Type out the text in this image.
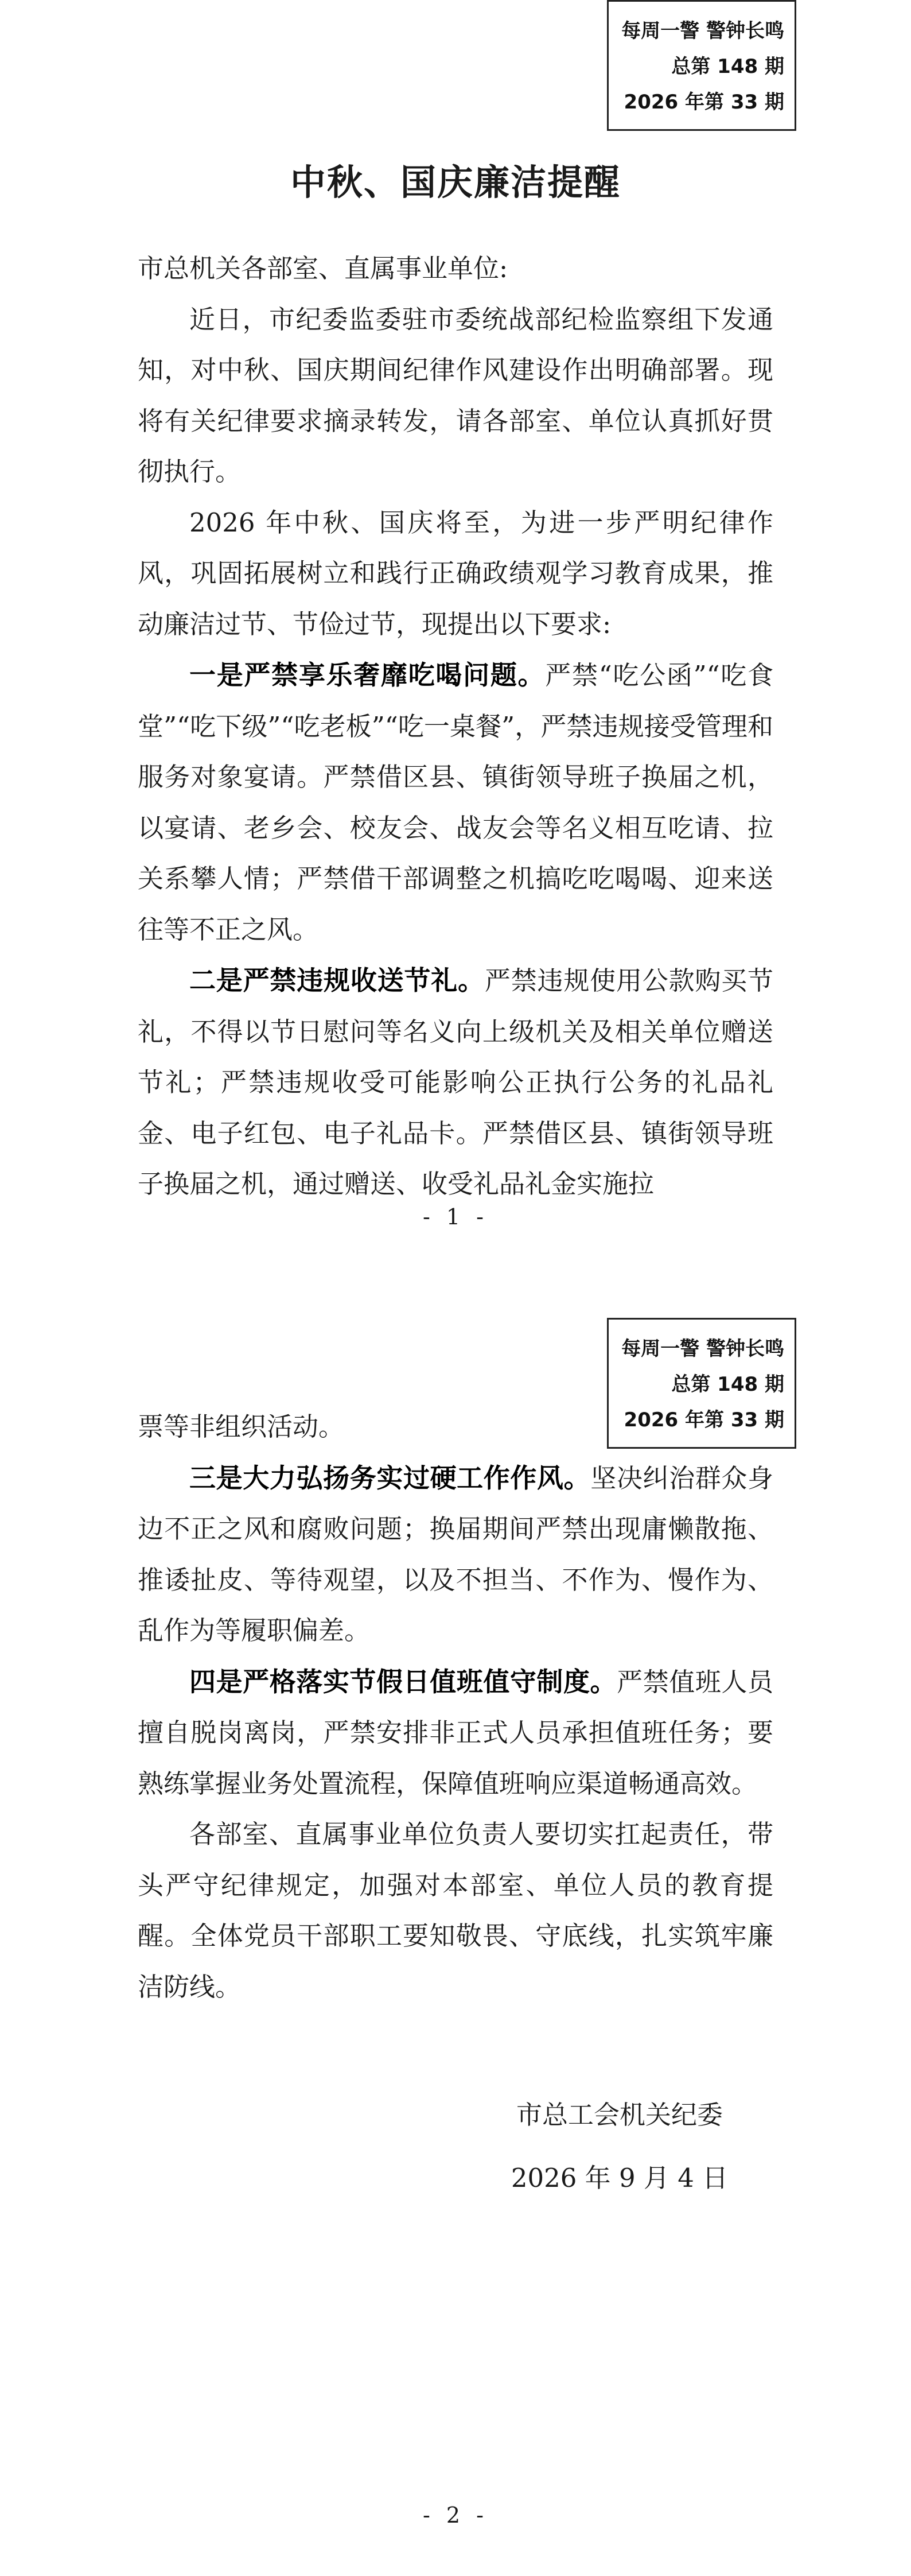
每周一警 警钟长鸣
总第 148 期
2026 年第 33 期
中秋、国庆廉洁提醒

市总机关各部室、直属事业单位:

近日，市纪委监委驻市委统战部纪检监察组下发通知，对中秋、国庆期间纪律作风建设作出明确部署。现将有关纪律要求摘录转发，请各部室、单位认真抓好贯彻执行。

2026 年中秋、国庆将至，为进一步严明纪律作风，巩固拓展树立和践行正确政绩观学习教育成果，推动廉洁过节、节俭过节，现提出以下要求:

一是严禁享乐奢靡吃喝问题。严禁“吃公函”“吃食堂”“吃下级”“吃老板”“吃一桌餐”，严禁违规接受管理和服务对象宴请。严禁借区县、镇街领导班子换届之机，以宴请、老乡会、校友会、战友会等名义相互吃请、拉关系攀人情；严禁借干部调整之机搞吃吃喝喝、迎来送往等不正之风。

二是严禁违规收送节礼。严禁违规使用公款购买节礼，不得以节日慰问等名义向上级机关及相关单位赠送节礼；严禁违规收受可能影响公正执行公务的礼品礼金、电子红包、电子礼品卡。严禁借区县、镇街领导班子换届之机，通过赠送、收受礼品礼金实施拉

- 1 -
每周一警 警钟长鸣
总第 148 期
2026 年第 33 期

票等非组织活动。

三是大力弘扬务实过硬工作作风。坚决纠治群众身边不正之风和腐败问题；换届期间严禁出现庸懒散拖、推诿扯皮、等待观望，以及不担当、不作为、慢作为、乱作为等履职偏差。

四是严格落实节假日值班值守制度。严禁值班人员擅自脱岗离岗，严禁安排非正式人员承担值班任务；要熟练掌握业务处置流程，保障值班响应渠道畅通高效。

各部室、直属事业单位负责人要切实扛起责任，带头严守纪律规定，加强对本部室、单位人员的教育提醒。全体党员干部职工要知敬畏、守底线，扎实筑牢廉洁防线。

市总工会机关纪委
2026 年 9 月 4 日
- 2 -
